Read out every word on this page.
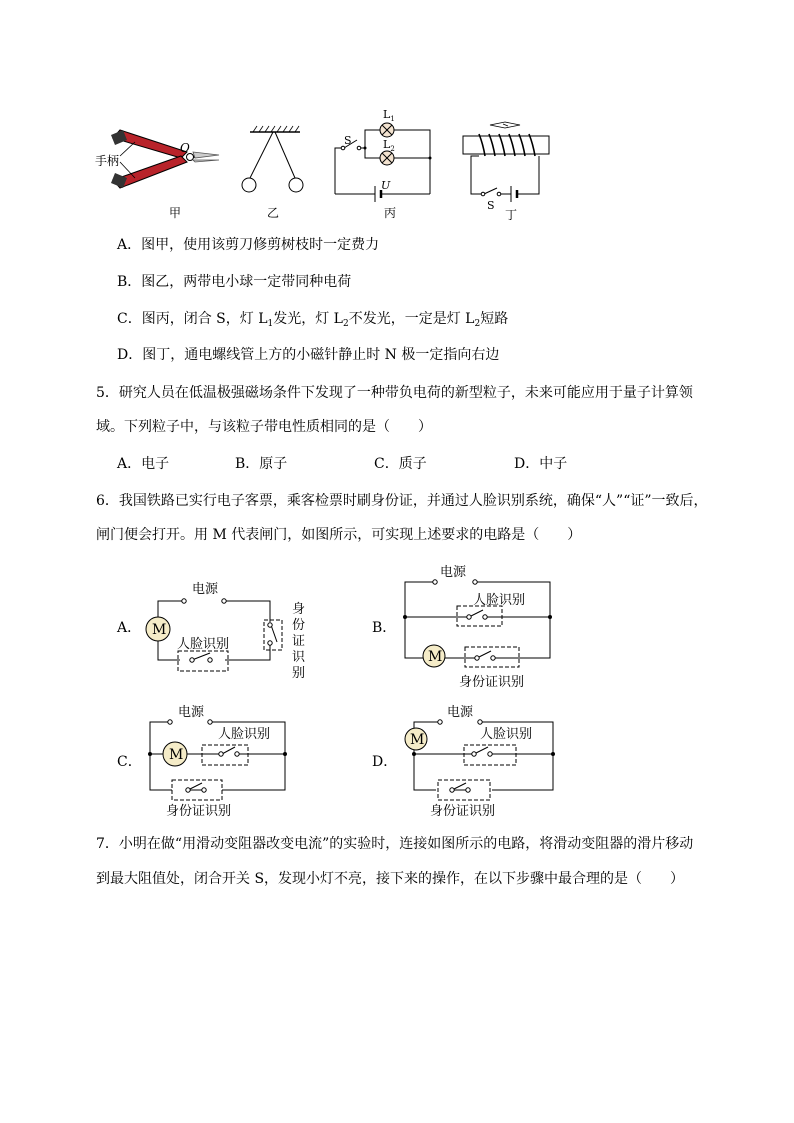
手柄
O
甲	乙
S
$L_1$
$L_2$
U
丙
S
丁
A．图甲，使用该剪刀修剪树枝时一定费力
B．图乙，两带电小球一定带同种电荷
C．图丙，闭合 S，灯 $L_1$发光，灯 $L_2$不发光，一定是灯 $L_2$短路
D．图丁，通电螺线管上方的小磁针静止时 N 极一定指向右边
5．研究人员在低温极强磁场条件下发现了一种带负电荷的新型粒子，未来可能应用于量子计算领
域。下列粒子中，与该粒子带电性质相同的是（　　）
A．电子	B．原子	C．质子	D．中子
6．我国铁路已实行电子客票，乘客检票时刷身份证，并通过人脸识别系统，确保“人”“证”一致后，
闸门便会打开。用 M 代表闸门，如图所示，可实现上述要求的电路是（　　）
A．	B．
C．	D．
M
电源
人脸识别
身
份
证
识
别
M
电源
人脸识别
身份证识别
M
电源
人脸识别
身份证识别
M
电源
人脸识别
身份证识别
7．小明在做“用滑动变阻器改变电流”的实验时，连接如图所示的电路，将滑动变阻器的滑片移动
到最大阻值处，闭合开关 S，发现小灯不亮，接下来的操作，在以下步骤中最合理的是（　　）
